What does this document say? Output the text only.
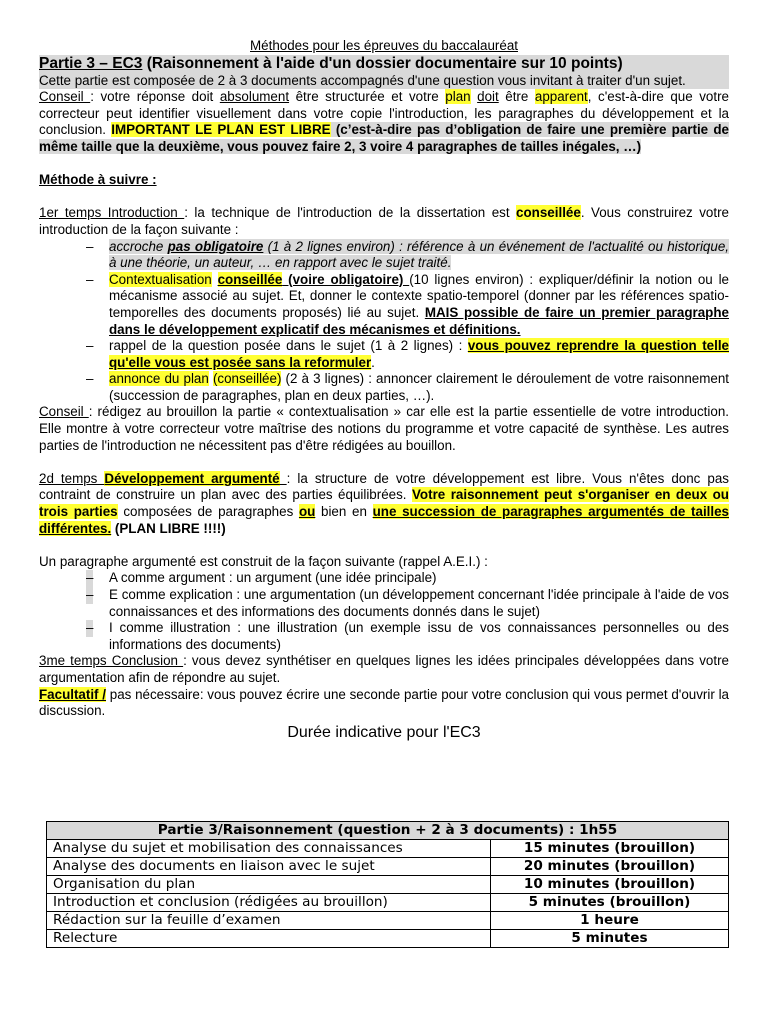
Méthodes pour les épreuves du baccalauréat

Partie 3 – EC3 (Raisonnement à l'aide d'un dossier documentaire sur 10 points)

Cette partie est composée de 2 à 3 documents accompagnés d'une question vous invitant à traiter d'un sujet.

Conseil : votre réponse doit absolument être structurée et votre plan doit être apparent, c'est-à-dire que votre correcteur peut identifier visuellement dans votre copie l'introduction, les paragraphes du développement et la conclusion. IMPORTANT LE PLAN EST LIBRE (c’est-à-dire pas d’obligation de faire une première partie de même taille que la deuxième, vous pouvez faire 2, 3 voire 4 paragraphes de tailles inégales, …)

Méthode à suivre :

1er temps Introduction : la technique de l'introduction de la dissertation est conseillée. Vous construirez votre introduction de la façon suivante :

– accroche pas obligatoire (1 à 2 lignes environ) : référence à un événement de l'actualité ou historique, à une théorie, un auteur, … en rapport avec le sujet traité.
– Contextualisation conseillée (voire obligatoire) (10 lignes environ) : expliquer/définir la notion ou le mécanisme associé au sujet. Et, donner le contexte spatio-temporel (donner par les références spatio-temporelles des documents proposés) lié au sujet. MAIS possible de faire un premier paragraphe dans le développement explicatif des mécanismes et définitions.
– rappel de la question posée dans le sujet (1 à 2 lignes) : vous pouvez reprendre la question telle qu'elle vous est posée sans la reformuler.
– annonce du plan (conseillée) (2 à 3 lignes) : annoncer clairement le déroulement de votre raisonnement (succession de paragraphes, plan en deux parties, …).

Conseil : rédigez au brouillon la partie « contextualisation » car elle est la partie essentielle de votre introduction. Elle montre à votre correcteur votre maîtrise des notions du programme et votre capacité de synthèse. Les autres parties de l'introduction ne nécessitent pas d'être rédigées au bouillon.

2d temps Développement argumenté : la structure de votre développement est libre. Vous n'êtes donc pas contraint de construire un plan avec des parties équilibrées. Votre raisonnement peut s'organiser en deux ou trois parties composées de paragraphes ou bien en une succession de paragraphes argumentés de tailles différentes. (PLAN LIBRE !!!!)

Un paragraphe argumenté est construit de la façon suivante (rappel A.E.I.) :

– A comme argument : un argument (une idée principale)
– E comme explication : une argumentation (un développement concernant l'idée principale à l'aide de vos connaissances et des informations des documents donnés dans le sujet)
– I comme illustration : une illustration (un exemple issu de vos connaissances personnelles ou des informations des documents)

3me temps Conclusion : vous devez synthétiser en quelques lignes les idées principales développées dans votre argumentation afin de répondre au sujet.

Facultatif / pas nécessaire: vous pouvez écrire une seconde partie pour votre conclusion qui vous permet d'ouvrir la discussion.

Durée indicative pour l'EC3

Partie 3/Raisonnement (question + 2 à 3 documents) : 1h55	
Analyse du sujet et mobilisation des connaissances	15 minutes (brouillon)
Analyse des documents en liaison avec le sujet	20 minutes (brouillon)
Organisation du plan	10 minutes (brouillon)
Introduction et conclusion (rédigées au brouillon)	5 minutes (brouillon)
Rédaction sur la feuille d’examen	1 heure
Relecture	5 minutes
